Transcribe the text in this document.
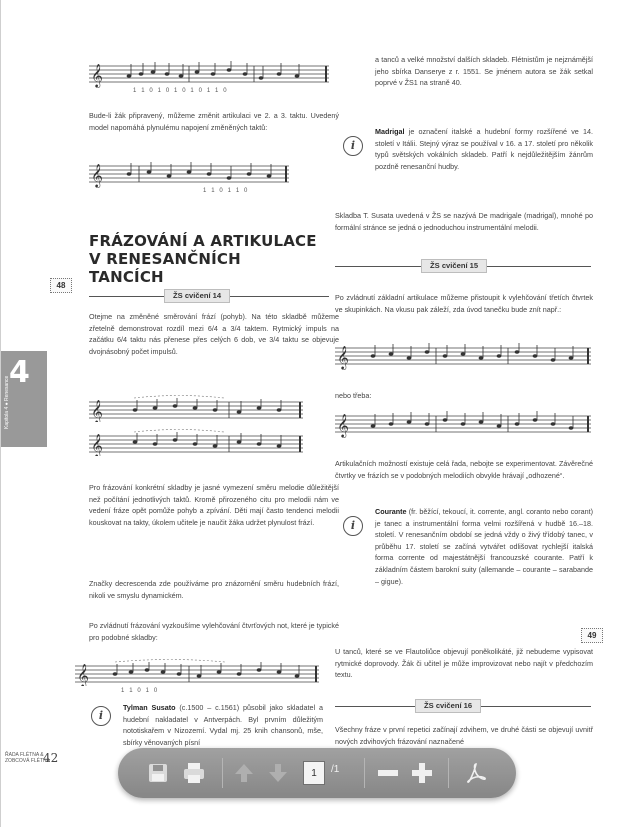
4
Kapitola 4 ● Renesance
ŘADA FLÉTNA & ZOBCOVÁ FLÉTNA
42
𝄞
1 1 0 1 0 1 0 1 0 1 1 0
Bude-li žák připravený, můžeme změnit artikulaci ve 2. a 3. taktu. Uvedený model napomáhá plynulému napojení změněných taktů:
𝄞
1 1 0 1 1 0
FRÁZOVÁNÍ A ARTIKULACE
V RENESANČNÍCH TANCÍCH
48
ŽS cvičení 14
Otejme na změněné směrování frází (pohyb). Na této skladbě můžeme zřetelně demonstrovat rozdíl mezi 6/4 a 3/4 taktem. Rytmický impuls na začátku 6/4 taktu nás přenese přes celých 6 dob, ve 3/4 taktu se objevuje dvojnásobný počet impulsů.
𝄞
𝄞
Pro frázování konkrétní skladby je jasné vymezení směru melodie důležitější než počítání jednotlivých taktů. Kromě přirozeného citu pro melodii nám ve vedení fráze opět pomůže pohyb a zpívání. Děti mají často tendenci melodii kouskovat na takty, úkolem učitele je naučit žáka udržet plynulost frází.
Značky decrescenda zde používáme pro znázornění směru hudebních frází, nikoli ve smyslu dynamickém.
Po zvládnutí frázování vyzkoušíme vylehčování čtvrťových not, které je typické pro podobné skladby:
𝄞
1 1 0 1 0
i
Tylman Susato (c.1500 – c.1561) působil jako skladatel a hudební nakladatel v Antverpách. Byl prvním důležitým nototiskařem v Nizozemí. Vydal mj. 25 knih chansonů, mše, sbírky věnovaných písní
a tanců a velké množství dalších skladeb. Flétnistům je nejznámější jeho sbírka Danserye z r. 1551. Se jménem autora se žák setkal poprvé v ŽS1 na straně 40.
i
Madrigal je označení italské a hudební formy rozšířené ve 14. století v Itálii. Stejný výraz se používal v 16. a 17. století pro několik typů světských vokálních skladeb. Patří k nejdůležitějším žánrům pozdně renesanční hudby.
Skladba T. Susata uvedená v ŽS se nazývá De madrigale (madrigal), mnohé po formální stránce se jedná o jednoduchou instrumentální melodii.
ŽS cvičení 15
Po zvládnutí základní artikulace můžeme přistoupit k vylehčování třetích čtvrtek ve skupinkách. Na vkusu pak záleží, zda úvod tanečku bude znít např.:
𝄞
nebo třeba:
𝄞
Artikulačních možností existuje celá řada, nebojte se experimentovat. Závěrečné čtvrtky ve frázích se v podobných melodiích obvykle hrávají „odhozené“.
i
Courante (fr. běžící, tekoucí, it. corrente, angl. coranto nebo corant) je tanec a instrumentální forma velmi rozšířená v hudbě 16.–18. století. V renesančním období se jedná vždy o živý třídobý tanec, v průběhu 17. století se začíná vytvářet odlišovat rychlejší italská forma corrente od majestátnější francouzské courante. Patří k základním částem barokní suity (allemande – courante – sarabande – gigue).
49
U tanců, které se ve Flautoliůce objevují poněkolikáté, již nebudeme vypisovat rytmické doprovody. Žák či učitel je může improvizovat nebo najít v předchozím textu.
ŽS cvičení 16
Všechny fráze v první repetici začínají zdvihem, ve druhé části se objevují uvnitř nových zdvihových frázování naznačené
1
/1
